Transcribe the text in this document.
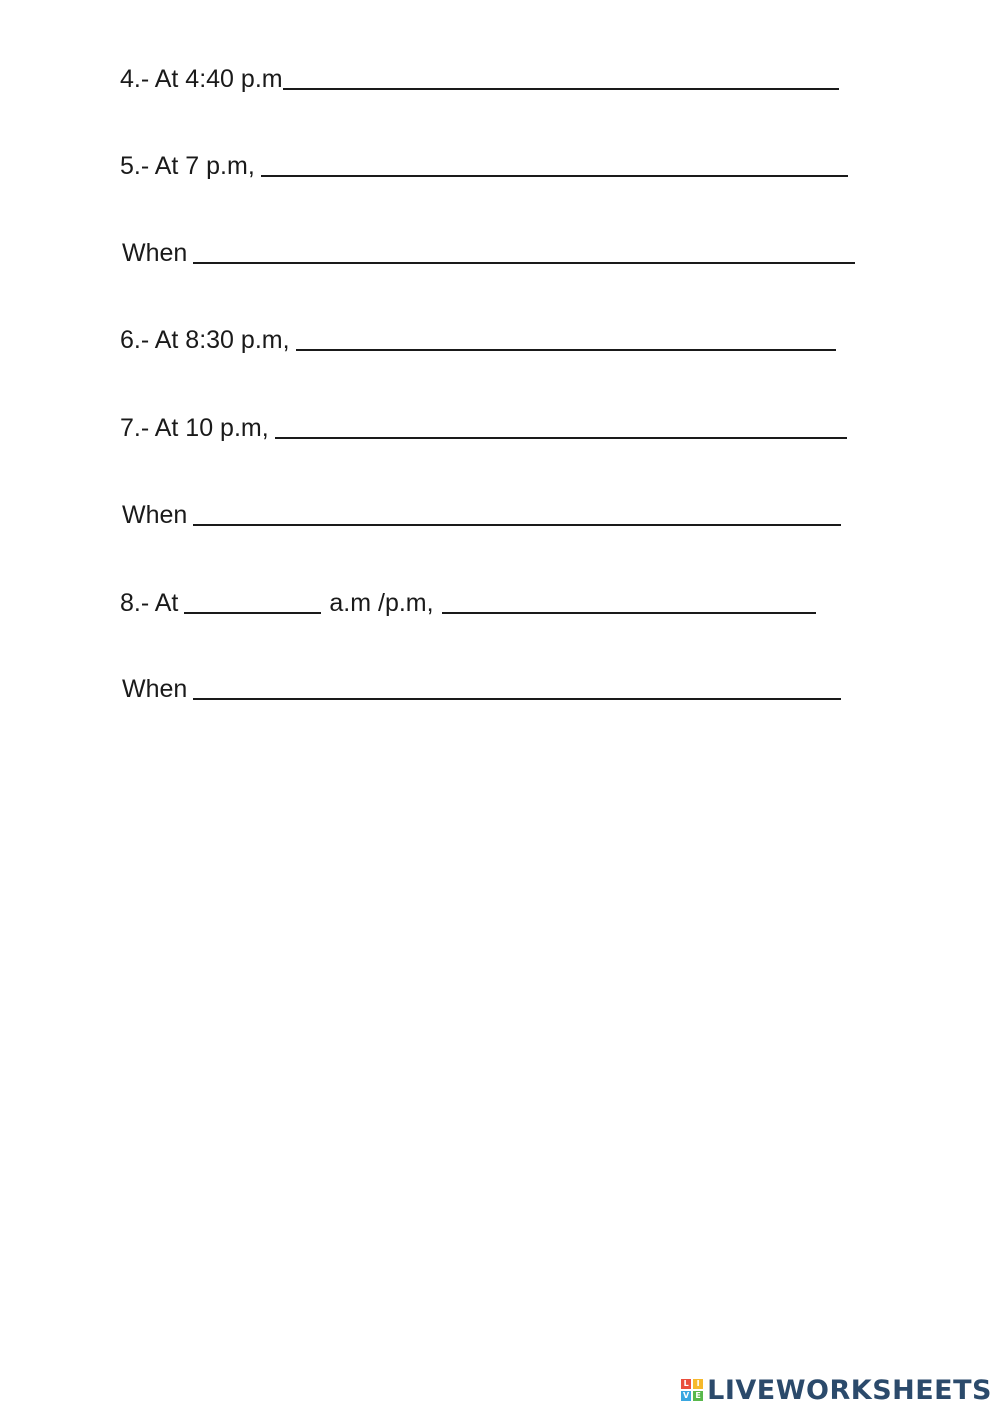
4.- At 4:40 p.m
5.- At 7 p.m,
When
6.- At 8:30 p.m,
7.- At 10 p.m,
When
8.- At	a.m /p.m,
When
L I
V E LIVEWORKSHEETS
